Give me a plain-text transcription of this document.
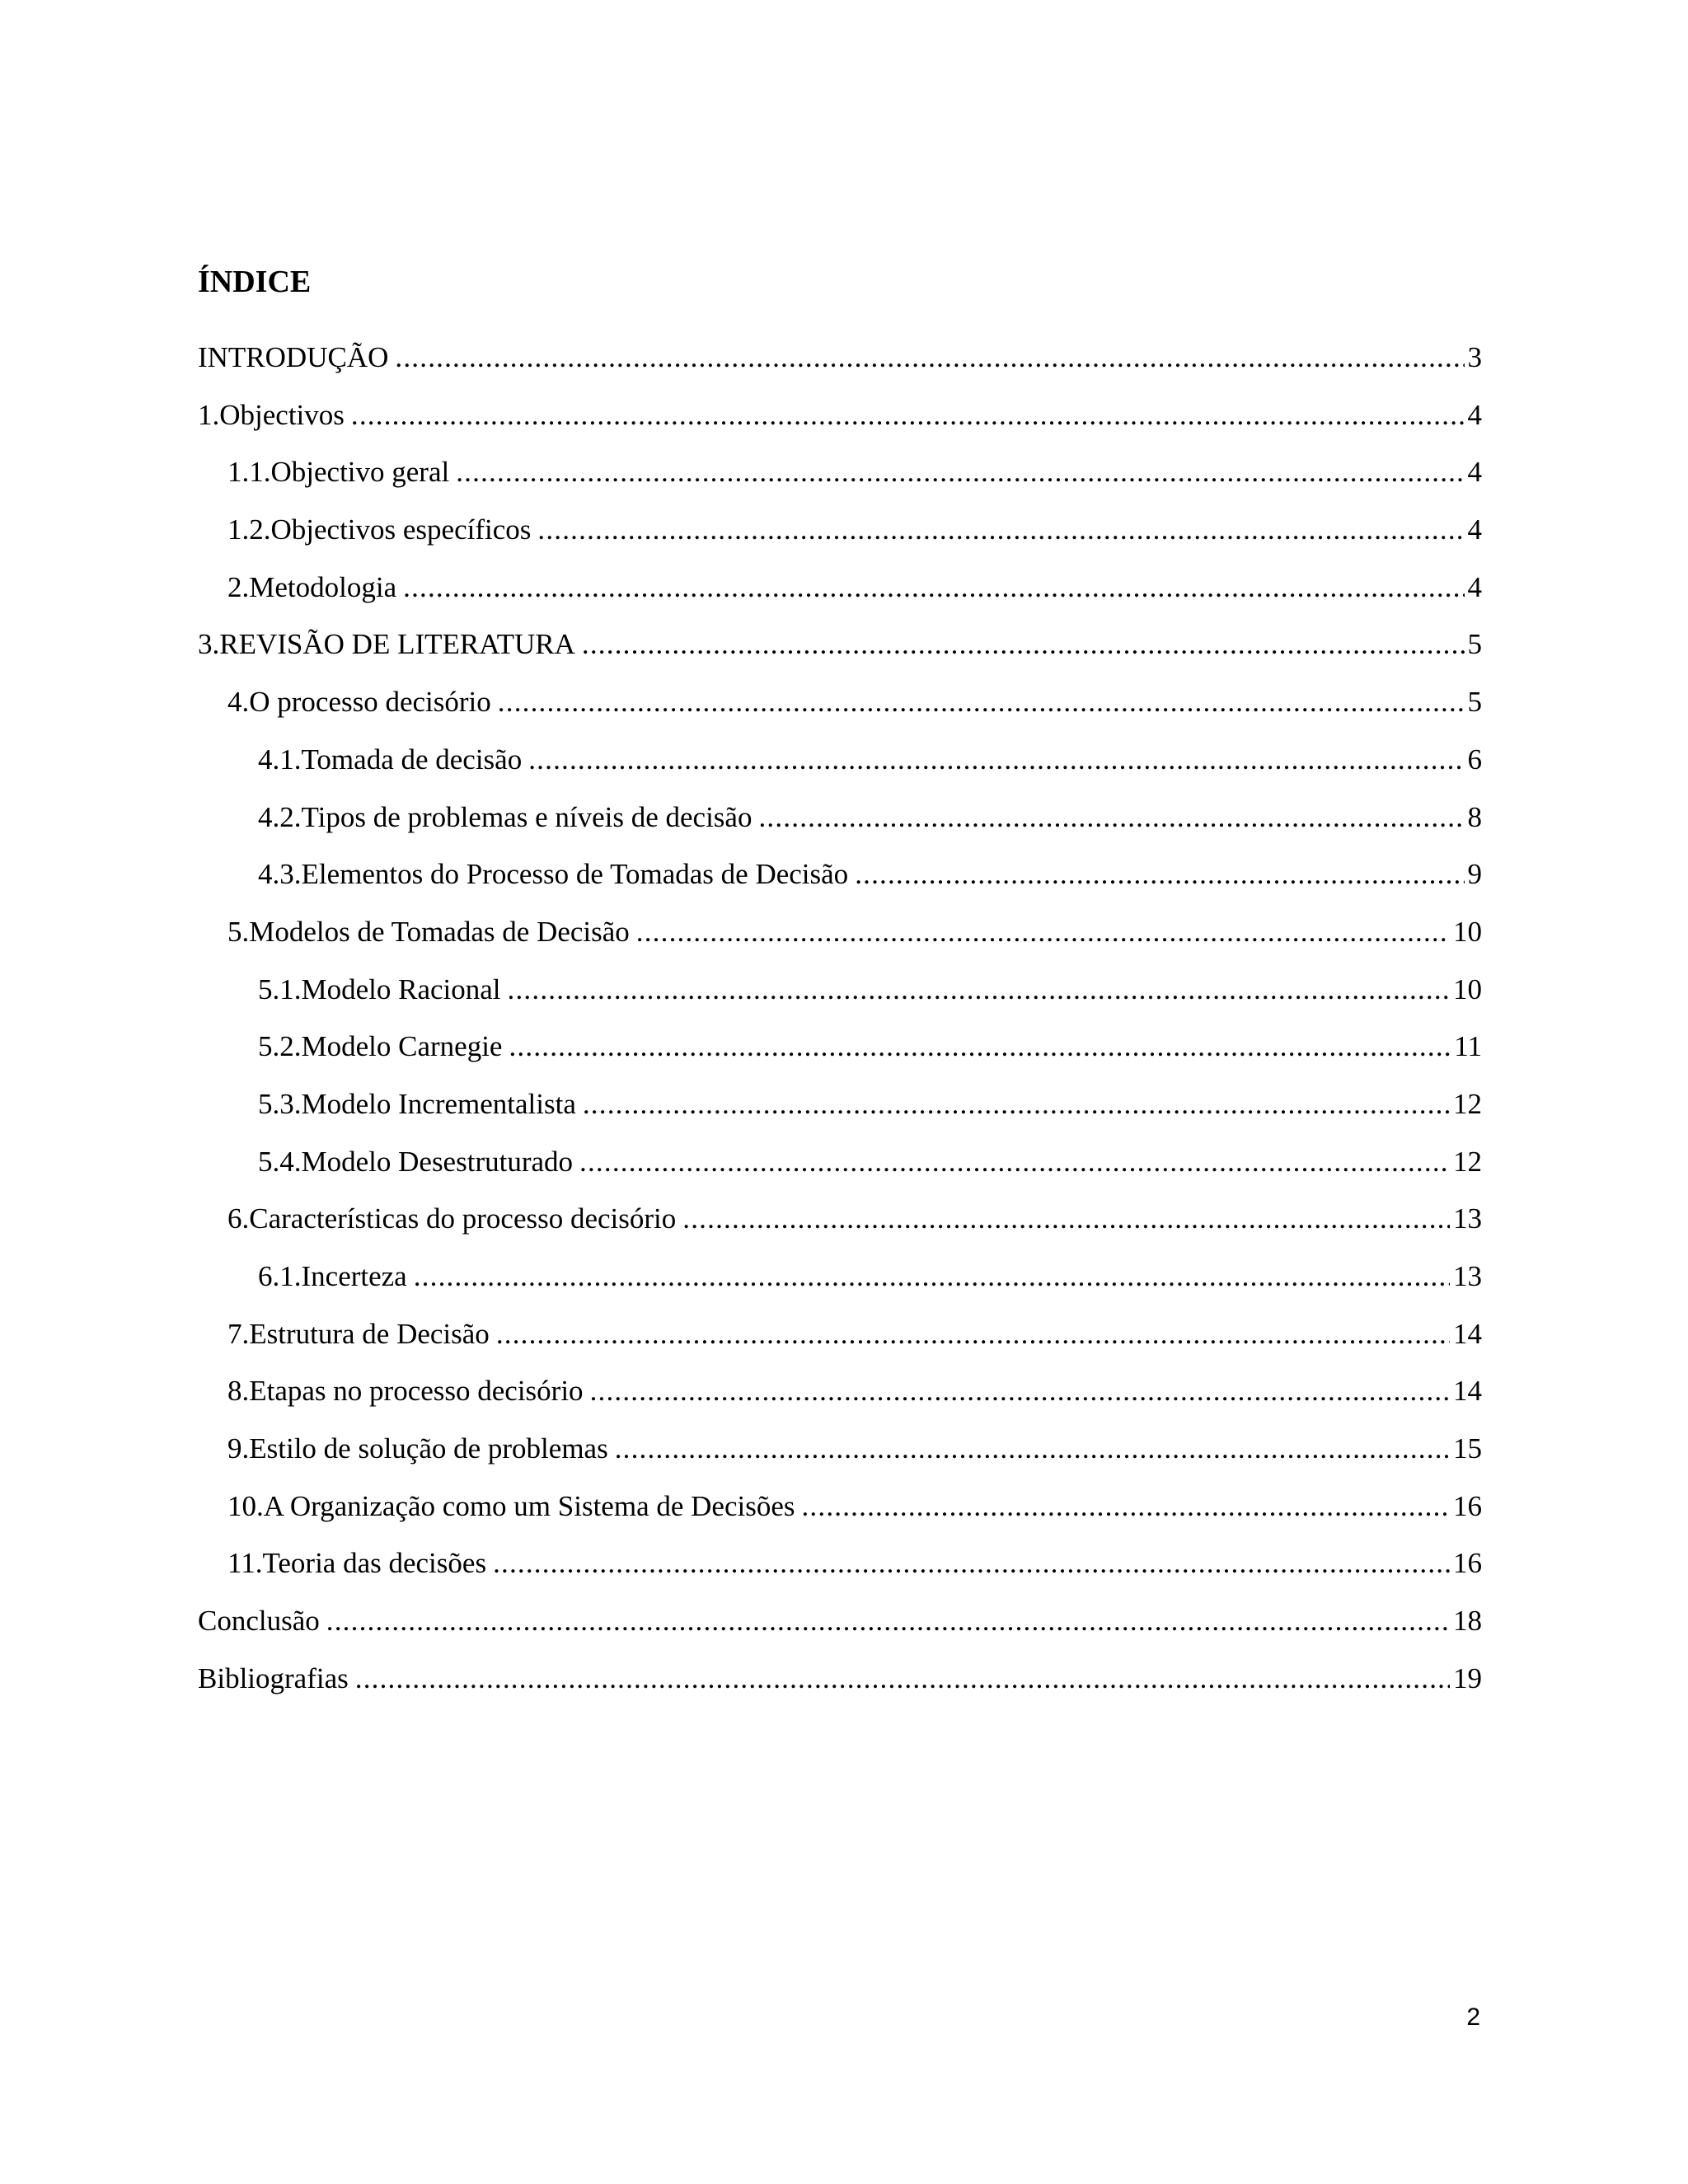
ÍNDICE
INTRODUÇÃO .....	3
1.Objectivos .....	4
1.1.Objectivo geral .....	4
1.2.Objectivos específicos .....	4
2.Metodologia .....	4
3.REVISÃO DE LITERATURA .....	5
4.O processo decisório .....	5
4.1.Tomada de decisão .....	6
4.2.Tipos de problemas e níveis de decisão .....	8
4.3.Elementos do Processo de Tomadas de Decisão .....	9
5.Modelos de Tomadas de Decisão .....	10
5.1.Modelo Racional .....	10
5.2.Modelo Carnegie .....	11
5.3.Modelo Incrementalista .....	12
5.4.Modelo Desestruturado .....	12
6.Características do processo decisório .....	13
6.1.Incerteza .....	13
7.Estrutura de Decisão .....	14
8.Etapas no processo decisório .....	14
9.Estilo de solução de problemas .....	15
10.A Organização como um Sistema de Decisões .....	16
11.Teoria das decisões .....	16
Conclusão .....	18
Bibliografias .....	19
2
